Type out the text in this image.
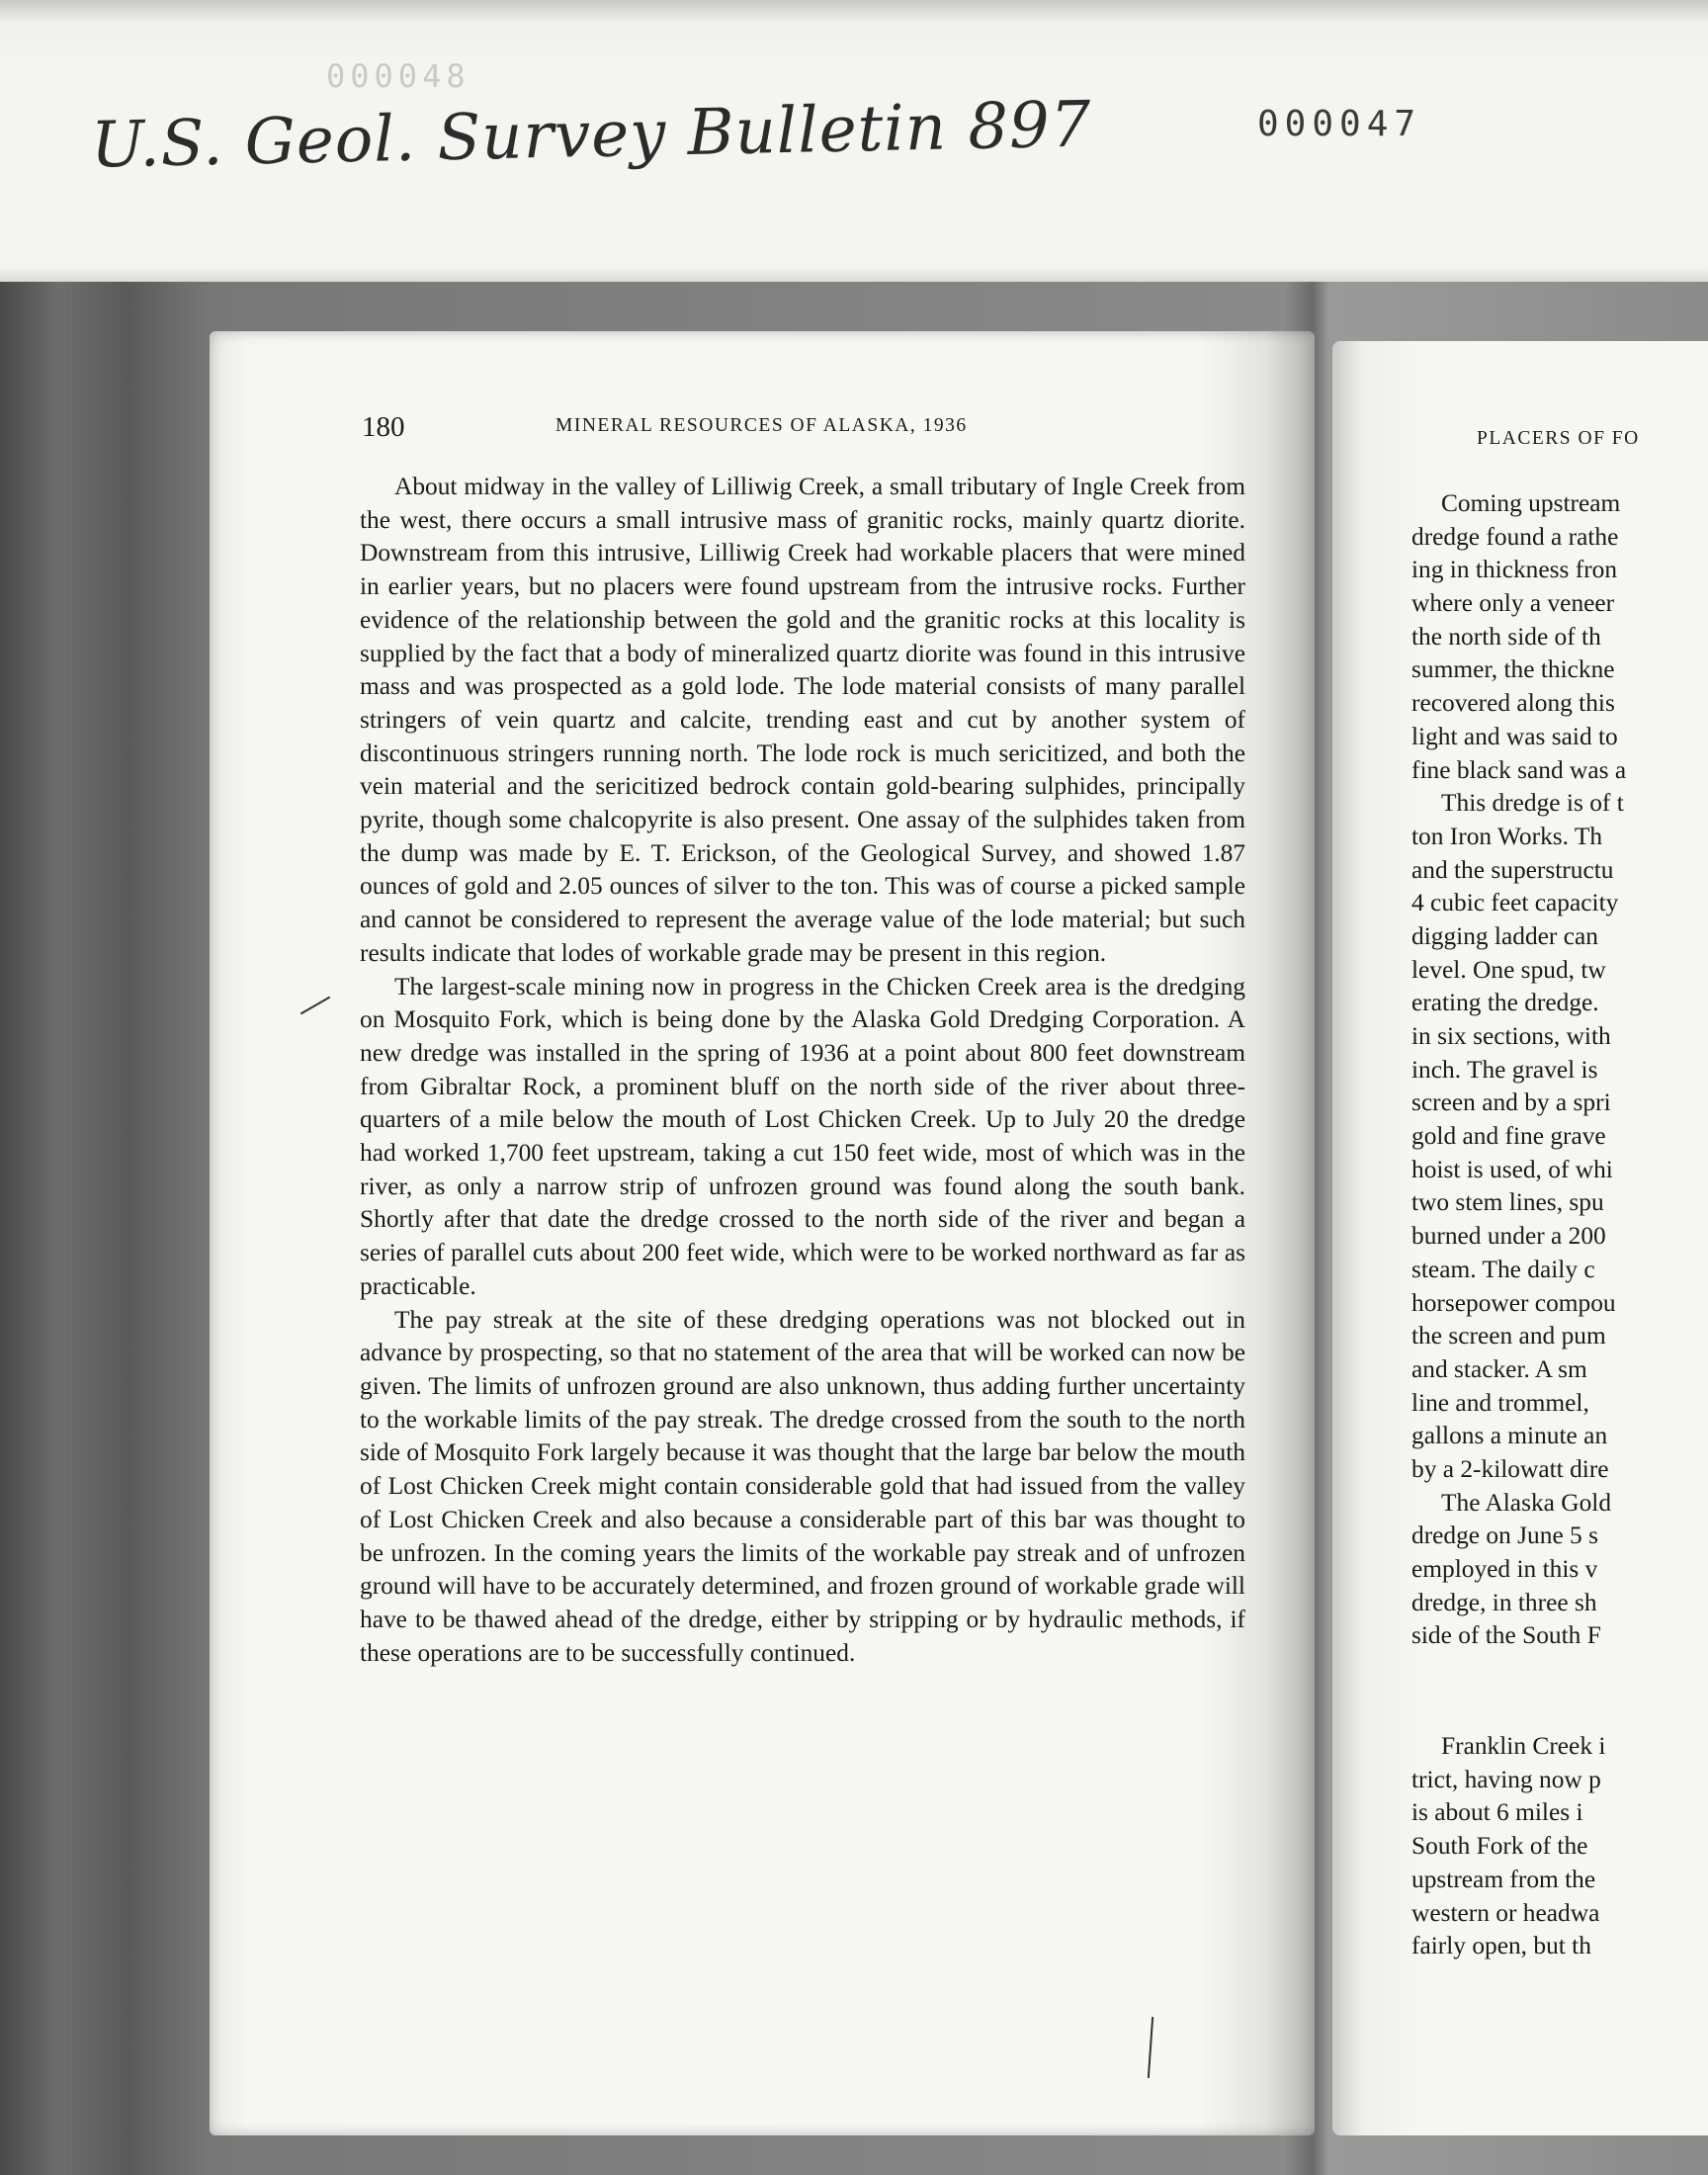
000048
U.S. Geol. Survey Bulletin 897	000047
180	MINERAL RESOURCES OF ALASKA, 1936

About midway in the valley of Lilliwig Creek, a small tributary of Ingle Creek from the west, there occurs a small intrusive mass of granitic rocks, mainly quartz diorite. Downstream from this intrusive, Lilliwig Creek had workable placers that were mined in earlier years, but no placers were found upstream from the intrusive rocks. Further evidence of the relationship between the gold and the granitic rocks at this locality is supplied by the fact that a body of mineralized quartz diorite was found in this intrusive mass and was prospected as a gold lode. The lode material consists of many parallel stringers of vein quartz and calcite, trending east and cut by another system of discontinuous stringers running north. The lode rock is much sericitized, and both the vein material and the sericitized bedrock contain gold-bearing sulphides, principally pyrite, though some chalcopyrite is also present. One assay of the sulphides taken from the dump was made by E. T. Erickson, of the Geological Survey, and showed 1.87 ounces of gold and 2.05 ounces of silver to the ton. This was of course a picked sample and cannot be considered to represent the average value of the lode material; but such results indicate that lodes of workable grade may be present in this region.

The largest-scale mining now in progress in the Chicken Creek area is the dredging on Mosquito Fork, which is being done by the Alaska Gold Dredging Corporation. A new dredge was installed in the spring of 1936 at a point about 800 feet downstream from Gibraltar Rock, a prominent bluff on the north side of the river about three-quarters of a mile below the mouth of Lost Chicken Creek. Up to July 20 the dredge had worked 1,700 feet upstream, taking a cut 150 feet wide, most of which was in the river, as only a narrow strip of unfrozen ground was found along the south bank. Shortly after that date the dredge crossed to the north side of the river and began a series of parallel cuts about 200 feet wide, which were to be worked northward as far as practicable.

The pay streak at the site of these dredging operations was not blocked out in advance by prospecting, so that no statement of the area that will be worked can now be given. The limits of unfrozen ground are also unknown, thus adding further uncertainty to the workable limits of the pay streak. The dredge crossed from the south to the north side of Mosquito Fork largely because it was thought that the large bar below the mouth of Lost Chicken Creek might contain considerable gold that had issued from the valley of Lost Chicken Creek and also because a considerable part of this bar was thought to be unfrozen. In the coming years the limits of the workable pay streak and of unfrozen ground will have to be accurately determined, and frozen ground of workable grade will have to be thawed ahead of the dredge, either by stripping or by hydraulic methods, if these operations are to be successfully continued.

PLACERS OF FO
Coming upstream
dredge found a rathe
ing in thickness fron
where only a veneer
the north side of th
summer, the thickne
recovered along this
light and was said to
fine black sand was a
This dredge is of t
ton Iron Works. Th
and the superstructu
4 cubic feet capacity
digging ladder can
level. One spud, tw
erating the dredge.
in six sections, with
inch. The gravel is
screen and by a spri
gold and fine grave
hoist is used, of whi
two stem lines, spu
burned under a 200
steam. The daily c
horsepower compou
the screen and pum
and stacker. A sm
line and trommel,
gallons a minute an
by a 2-kilowatt dire
The Alaska Gold
dredge on June 5 s
employed in this v
dredge, in three sh
side of the South F
Franklin Creek i
trict, having now p
is about 6 miles i
South Fork of the
upstream from the
western or headwa
fairly open, but th
